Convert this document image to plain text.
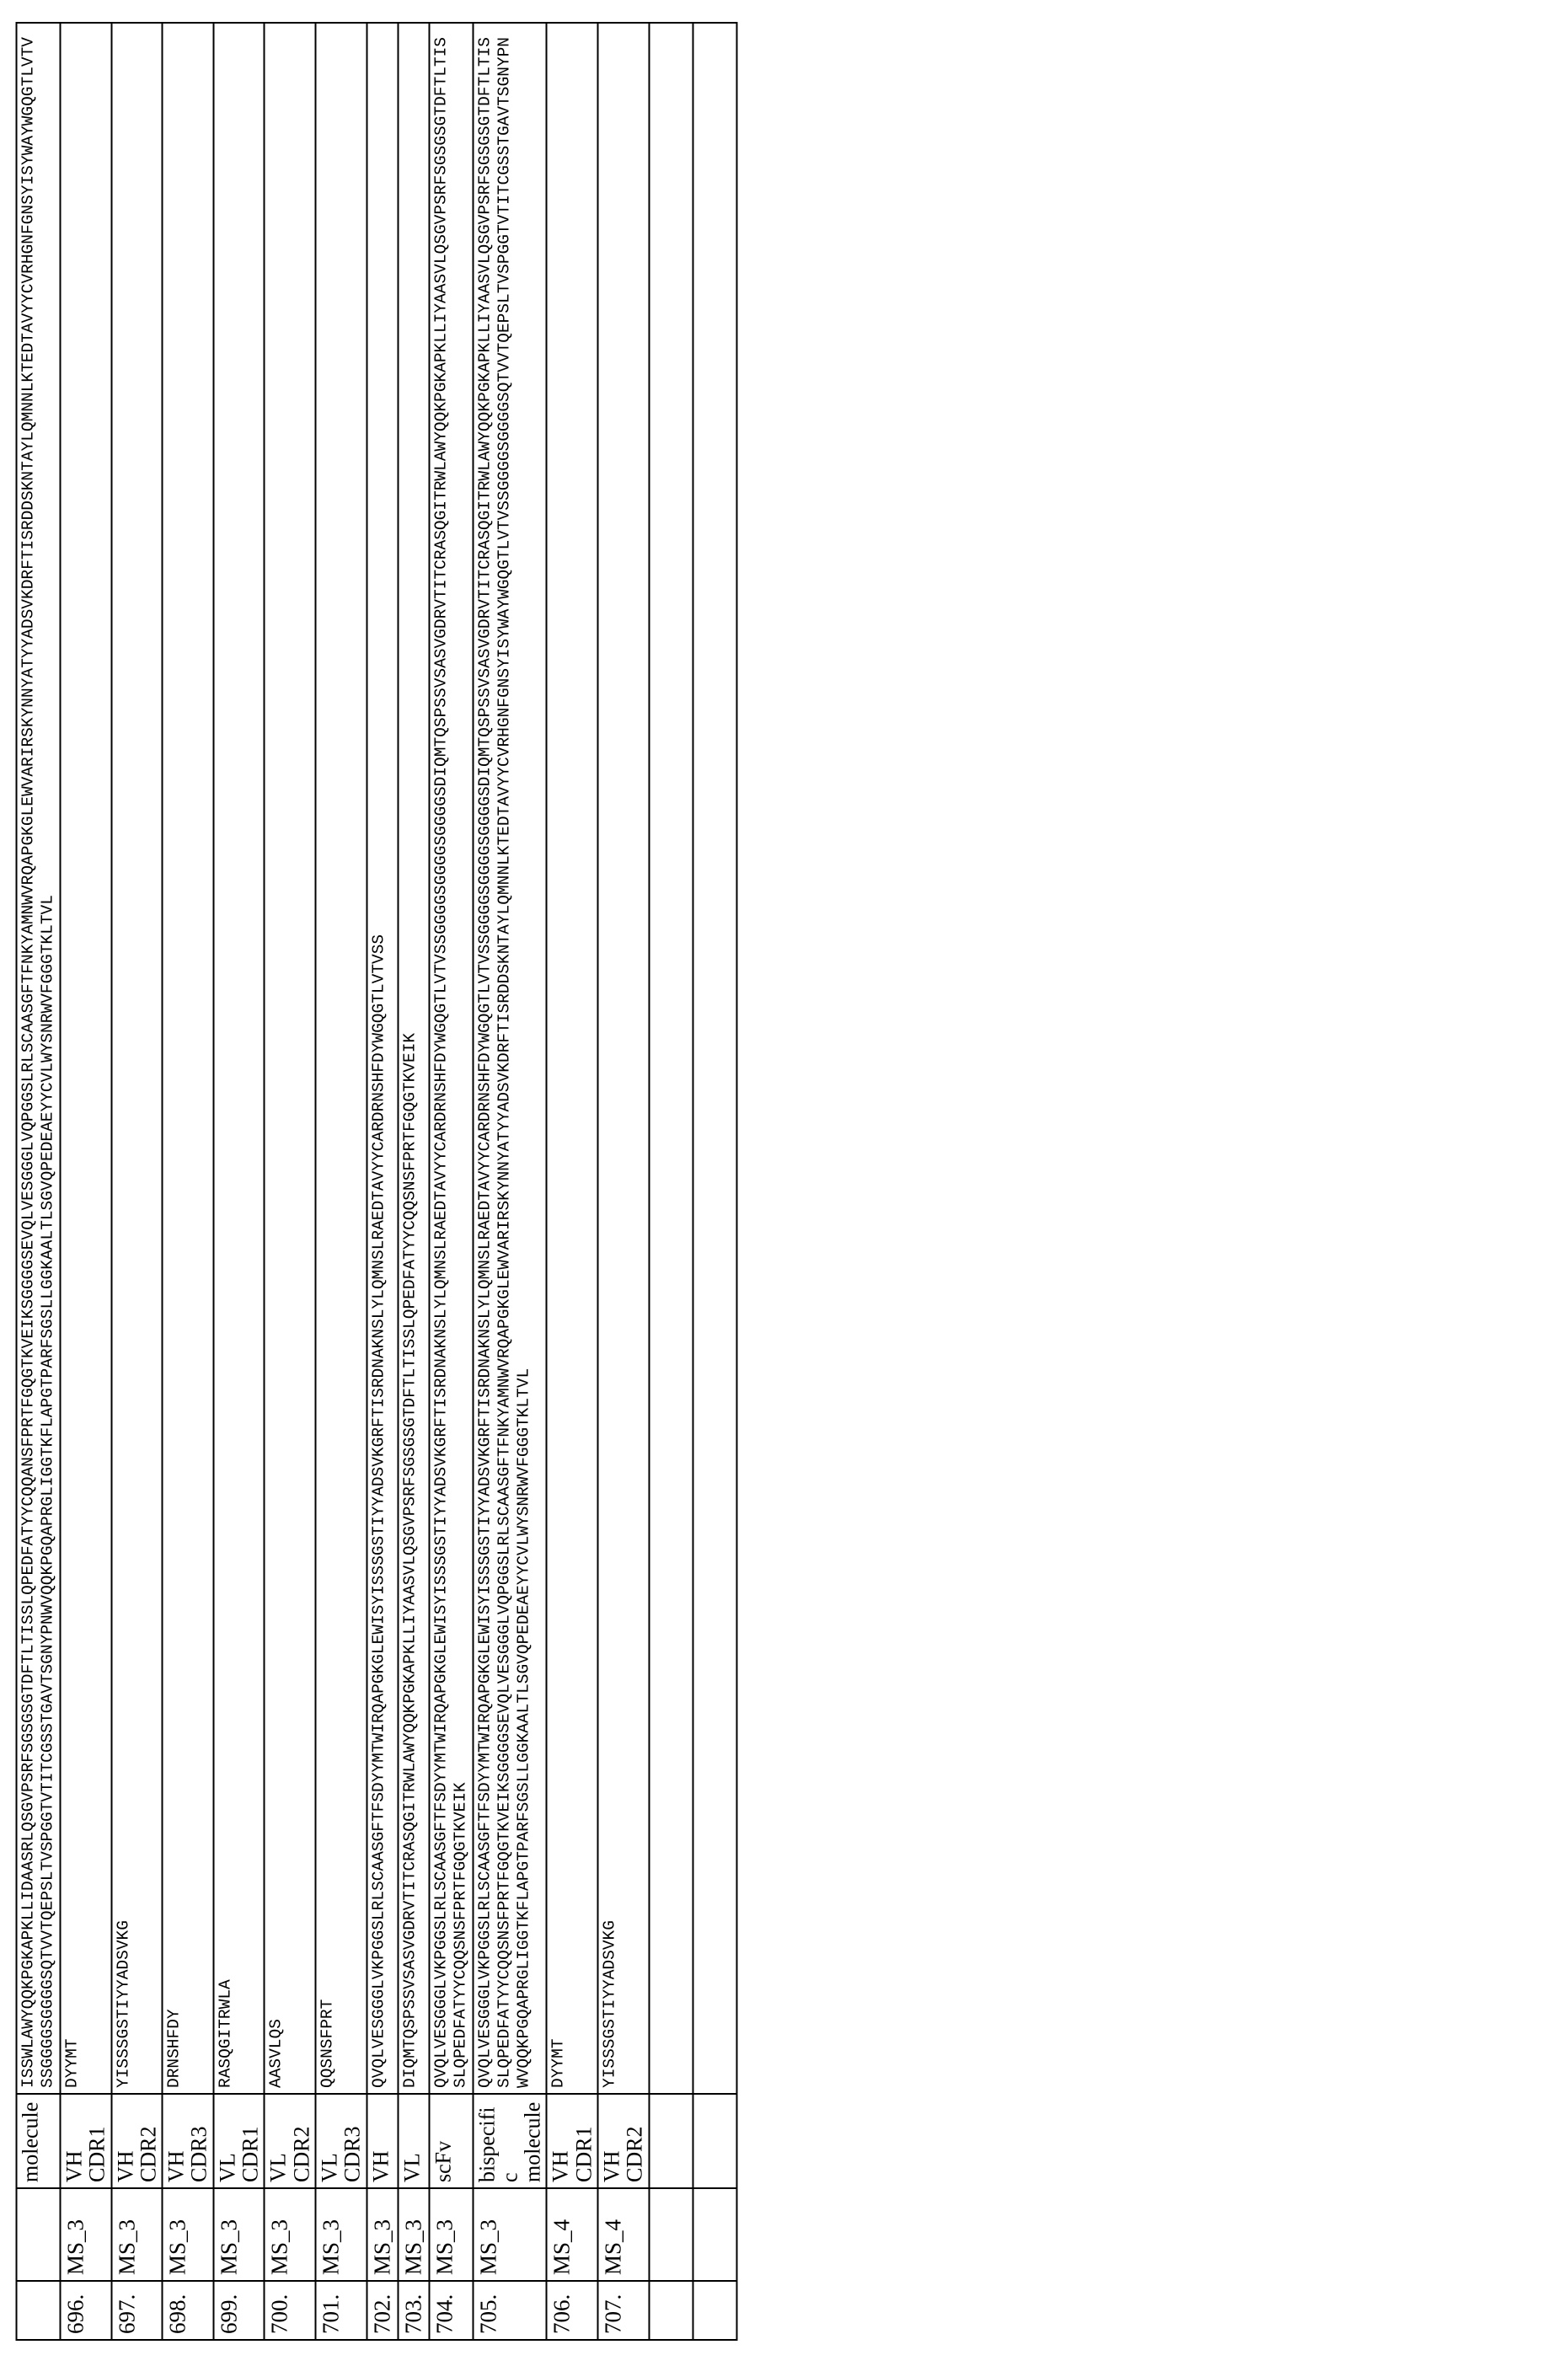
		molecule	ISSWLAWYQQKPGKAPKLLIDAASRLQSGVPSRFSGSGSGTDFTLTISSLQPEDFATYYCQQANSFPRTFGQGTKVEIKSGGGGSEVQLVESGGGLVQPGGSLRLSCAASGFTFNKYAMNWVRQAPGKGLEWVARIRSKYNNYATYYADSVKDRFTISRDDSKNTAYLQMNNLKTEDTAVYYCVRHGNFGNSYISYWAYWGQGTLVTVSSGGGGSGGGGSQTVVTQEPSLTVSPGGTVTITCGSSTGAVTSGNYPNWVQQKPGQAPRGLIGGTKFLAPGTPARFSGSLLGGKAALTLSGVQPEDEAEYYCVLWYSNRWVFGGGTKLTVL
696.	MS_3	VH CDR1	DYYMT
697.	MS_3	VH CDR2	YISSSGSTIYYADSVKG
698.	MS_3	VH CDR3	DRNSHFDY
699.	MS_3	VL CDR1	RASQGITRWLA
700.	MS_3	VL CDR2	AASVLQS
701.	MS_3	VL CDR3	QQSNSFPRT
702.	MS_3	VH	QVQLVESGGGLVKPGGSLRLSCAASGFTFSDYYMTWIRQAPGKGLEWISYISSSGSTIYYADSVKGRFTISRDNAKNSLYLQMNSLRAEDTAVYYCARDRNSHFDYWGQGTLVTVSS
703.	MS_3	VL	DIQMTQSPSSVSASVGDRVTITCRASQGITRWLAWYQQKPGKAPKLLIYAASVLQSGVPSRFSGSGSGTDFTLTISSLQPEDFATYYCQQSNSFPRTFGQGTKVEIK
704.	MS_3	scFv	QVQLVESGGGLVKPGGSLRLSCAASGFTFSDYYMTWIRQAPGKGLEWISYISSSGSTIYYADSVKGRFTISRDNAKNSLYLQMNSLRAEDTAVYYCARDRNSHFDYWGQGTLVTVSSGGGGSGGGGSGGGGSDIQMTQSPSSVSASVGDRVTITCRASQGITRWLAWYQQKPGKAPKLLIYAASVLQSGVPSRFSGSGSGTDFTLTISSLQPEDFATYYCQQSNSFPRTFGQGTKVEIK
705.	MS_3	bispecific molecule	QVQLVESGGGLVKPGGSLRLSCAASGFTFSDYYMTWIRQAPGKGLEWISYISSSGSTIYYADSVKGRFTISRDNAKNSLYLQMNSLRAEDTAVYYCARDRNSHFDYWGQGTLVTVSSGGGGSGGGGSGGGGSDIQMTQSPSSVSASVGDRVTITCRASQGITRWLAWYQQKPGKAPKLLIYAASVLQSGVPSRFSGSGSGTDFTLTISSLQPEDFATYYCQQSNSFPRTFGQGTKVEIKSGGGGSEVQLVESGGGLVQPGGSLRLSCAASGFTFNKYAMNWVRQAPGKGLEWVARIRSKYNNYATYYADSVKDRFTISRDDSKNTAYLQMNNLKTEDTAVYYCVRHGNFGNSYISYWAYWGQGTLVTVSSGGGGSGGGGSQTVVTQEPSLTVSPGGTVTITCGSSTGAVTSGNYPNWVQQKPGQAPRGLIGGTKFLAPGTPARFSGSLLGGKAALTLSGVQPEDEAEYYCVLWYSNRWVFGGGTKLTVL
706.	MS_4	VH CDR1	DYYMT
707.	MS_4	VH CDR2	YISSSGSTIYYADSVKG
